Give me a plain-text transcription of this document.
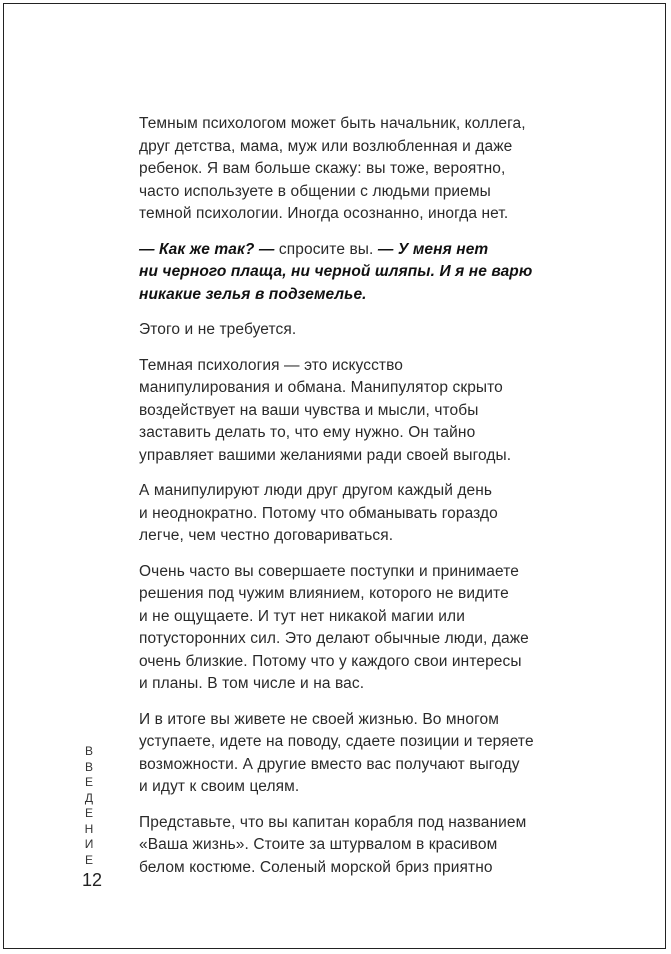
Темным психологом может быть начальник, коллега,
друг детства, мама, муж или возлюбленная и даже
ребенок. Я вам больше скажу: вы тоже, вероятно,
часто используете в общении с людьми приемы
темной психологии. Иногда осознанно, иногда нет.

— Как же так? — спросите вы. — У меня нет
ни черного плаща, ни черной шляпы. И я не варю
никакие зелья в подземелье.

Этого и не требуется.

Темная психология — это искусство
манипулирования и обмана. Манипулятор скрыто
воздействует на ваши чувства и мысли, чтобы
заставить делать то, что ему нужно. Он тайно
управляет вашими желаниями ради своей выгоды.

А манипулируют люди друг другом каждый день
и неоднократно. Потому что обманывать гораздо
легче, чем честно договариваться.

Очень часто вы совершаете поступки и принимаете
решения под чужим влиянием, которого не видите
и не ощущаете. И тут нет никакой магии или
потусторонних сил. Это делают обычные люди, даже
очень близкие. Потому что у каждого свои интересы
и планы. В том числе и на вас.

И в итоге вы живете не своей жизнью. Во многом
уступаете, идете на поводу, сдаете позиции и теряете
возможности. А другие вместо вас получают выгоду
и идут к своим целям.

Представьте, что вы капитан корабля под названием
«Ваша жизнь». Стоите за штурвалом в красивом
белом костюме. Соленый морской бриз приятно

В
В
Е
Д
Е
Н
И
Е
12
